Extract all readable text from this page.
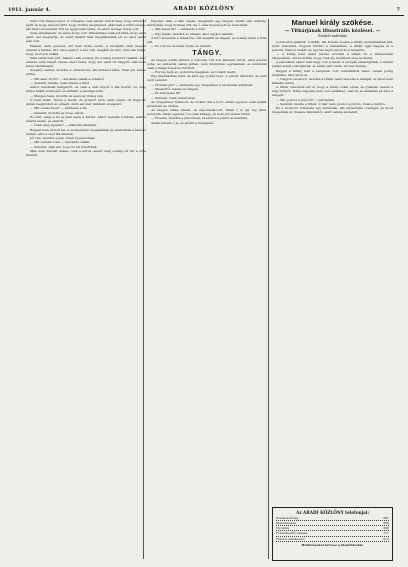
1911. január 4.	ARADI KÖZLÖNY	7

mint róla világosodott. A vőlegény csak annyit tudott meg, hogy mindent ígért és hogy leszerződött, hogy örökre megmarad, akárcsak a többi szolga, aki nem tud semmit. Ezt az egyet nem tudta, és ezért is nagy dolog volt.

Nem emlékszem, de ezzel is így volt. Mindennap csak azt látta, hogy amit ígért, azt megtartja, és ezért kellett neki megmaradnia ott is, ahol senki sem volt.

Hanem, amit gondolt, azt nem tudta senki. A szolgálat után megint elment a faluba. Ott, ahol egykor a kút volt, megállt és várt, mint aki tudja, hogy most jön valaki.

Vára tehát nem jött, hanem csak a hang. Ez a hang mondott valamit, és ő elment, nem nézett vissza, mert tudta, hogy azt, amit ott hagyott, már nem lehet visszakapni.

Szegény ember, mondta a vénasszony, aki mindezt látta. Nem jön vissza többé.

— Mit akar ön itt? — kérdezte valaki a sötétből.

— Semmit, felelte, csak nézem a falut.

Akkor mindenki hallgatott, és csak a szél zúgott a fák között. Az öreg kutya felállt a helyéről és elindult a gazdája után.

— Menjen haza, mondta az asszony, hideg van.

Ő nem felelt. Nézte a havat, és gondolt arra, amit régen ott hagyott. Aztán megfordult és elment, mint aki már mindent elvégzett.

— Mit csinál most? — kérdezte a fiú.

— Semmit, mondta az öreg, várok.

És várt, amíg a hó el nem lepte a kertet. Akkor bement a házba, leült a kályha mellé, és elaludt.

— Csak még egyszer! — kiáltotta álmában.

Reggel nem ébredt fel. A szomszédok megtalálták és eltemették a temető szélén, ahol a régi fák állanak.

Jól van, mondta a pap, Isten nyugosztalja.

— Mit tudunk róla? — kérdezte valaki.

— Semmit, csak azt, hogy itt élt közöttünk.

Más nem maradt utána, csak a kutya, amely még sokáig ott ült a sírja mellett.

Egyszer csak, a falu végén, megjelent egy idegen. Senki sem ismerte. Kérdezték, hogy honnan jött, de ő csak mosolygott és nem felelt.

— Mit keres itt? — kérdezte a bíró.

— Egy házat, mondta az idegen, ahol egykor laktam.

A bíró elvezette a temetőbe. Ott megállt az idegen, és sokáig nézte a friss sírt.

— Ez volt az, mondta végül, és elment.

TÁNGY.

Az idegen aztán elment a városba. Ott sok mindent látott, amit azelőtt soha. Az emberek sietve jártak, nem köszöntek egymásnak, és mindenki csak a maga dolgával törődött.

— Furcsa hely ez, gondolta magában, és tovább ment.

Egy kávéházban leült, és kért egy pohár bort. A pincér ránézett, de nem szólt semmit.

— Honnan jön? — kérdezte egy öregember a szomszéd asztalnál.

— Messziről, felelte az idegen.

— És mit keres itt?

— Semmit. Csak nézelődöm.

Az öregember bólintott, és tovább itta a bort. Aztán egyszer csak felállt, és kiment az utcára.

Az idegen utána nézett, és elgondolkozott. Talán ő is így fog járni, gondolta. Talán egyszer ő is csak kimegy, és nem jön vissza többé.

— Fizetek, mondta a pincérnek, és letette a pénzt az asztalra.

Aztán kiment ő is, és eltűnt a tömegben.

Manuel király szökése.
— Titkárjának illusztrális közlései. —
Eredeti tudósítás

Londonból jelentik: A titkár, aki hosszú évekig a király szolgálatában állt, most elmondta, hogyan történt a menekülés. A király éjjel hagyta el a palotát, kíséret nélkül, és egy kis hajón jutott ki a tengerre.

— A király nem akart menni, mondta a titkár, de a miniszterek rábeszélték. Azt mondták, hogy csak így mentheti meg az életét.

A palotában ekkor már nagy volt a zavar. A szolgák szaladgáltak, a tisztek parancsokat osztogattak, és senki sem tudta, mi lesz holnap.

Reggel a király már a tengeren volt. Gibraltárba ment, onnan pedig Angliába, ahol most él.

— Nagyon szomorú, mondta a titkár, mert szerette a hazáját, és most nem láthatja többé.

A titkár elmondta azt is, hogy a király sokat olvas, és gyakran beszél a régi időkről. Néha napokig nem szól senkihez, csak ül az ablaknál és nézi a tengert.

— Mit gondol a jövőről? — kérdeztük.

— Semmit, felelte a titkár. Ő már nem gondol a jövőre. Csak a múltra.

Ez a szomorú története egy királynak, aki elvesztette országát, és most idegenben él, messze mindentől, amit valaha szeretett.

Az ARADI KÖZLÖNY telefonjai:
Szerkesztőség	281
Kiadóhivatal	299
Nyomda	298
Főszerkesztő lakása	111
Felelős szerkesztő	512
Hirdetéseket felvesz a kiadóhivatal.
